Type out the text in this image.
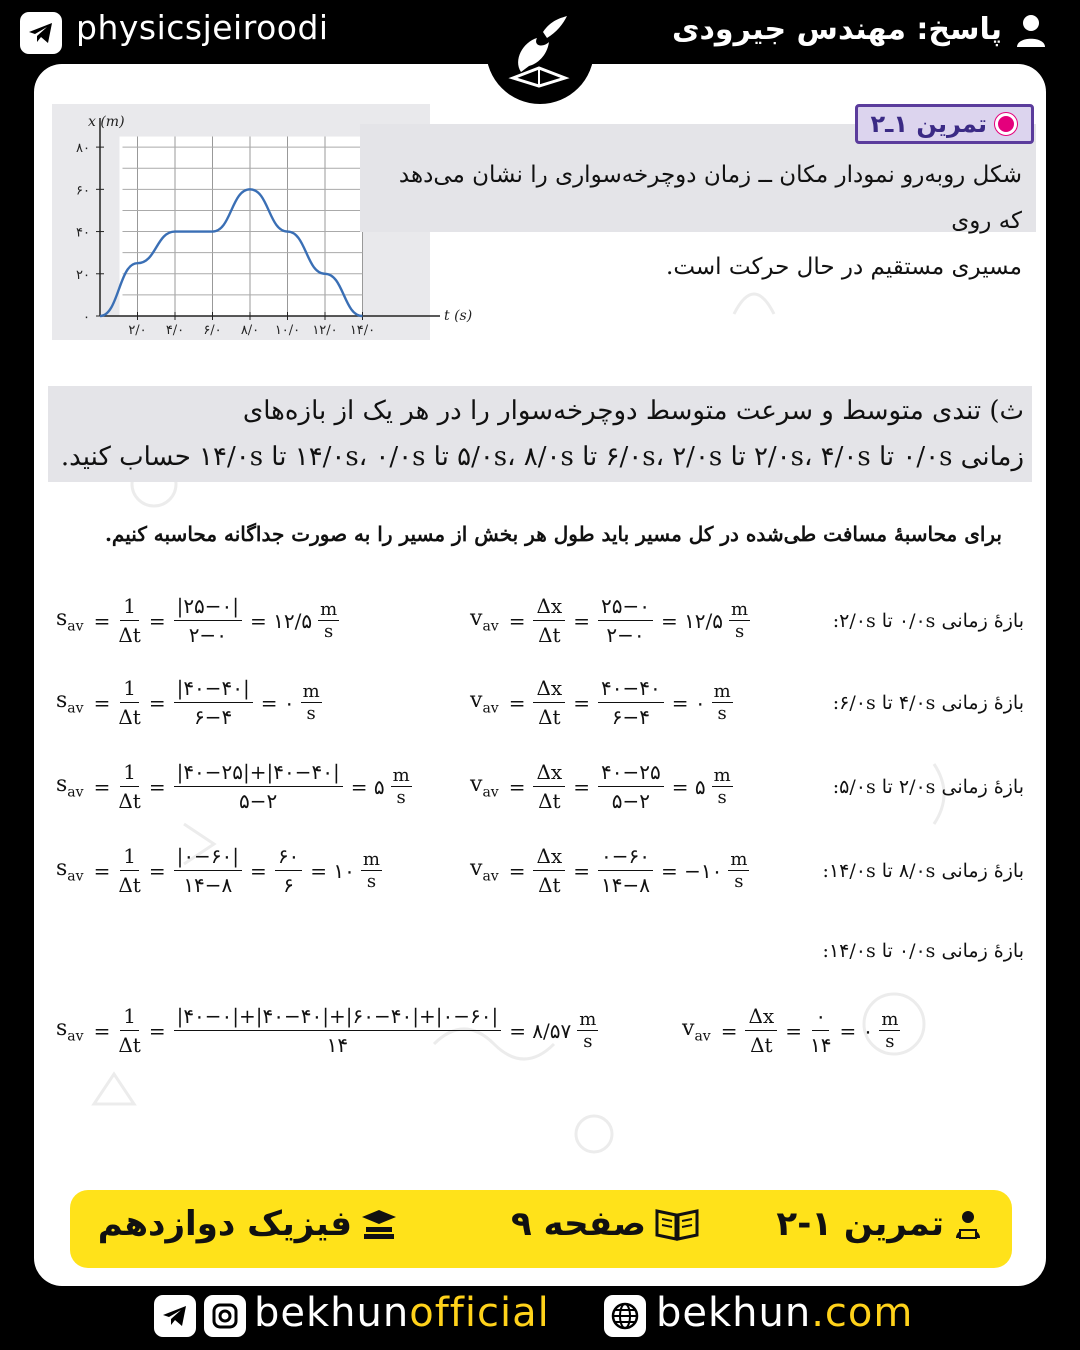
physicsjeiroodi	پاسخ: مهندس جیرودی
۰
۲۰
۴۰
۶۰
۸۰
۲/۰ ۴/۰ ۶/۰ ۸/۰ ۱۰/۰ ۱۲/۰ ۱۴/۰
x (m)
t (s)
شکل روبه‌رو نمودار مکان ــ زمان دوچرخه‌سواری را نشان می‌دهد که روی
مسیری مستقیم در حال حرکت است.
تمرین ۱ـ۲
ث) تندی متوسط و سرعت متوسط دوچرخه‌سوار را در هر یک از بازه‌های
زمانی ۰/۰s تا ۲/۰s، ۴/۰s تا ۶/۰s، ۲/۰s تا ۵/۰s، ۸/۰s تا ۱۴/۰s، ۰/۰s تا ۱۴/۰s حساب کنید.
برای محاسبهٔ مسافت طی‌شده در کل مسیر باید طول هر بخش از مسیر را به صورت جداگانه محاسبه کنیم.
بازهٔ زمانی ۰/۰s تا ۲/۰s:
$s_{av} = \frac{1}{\Delta t} = \frac{|۲۵-۰|}{۲-۰}$ = ۱۲/۵ m
s
$v_{av} = \frac{\Delta x}{\Delta t} = \frac{۲۵-۰}{۲-۰}$ = ۱۲/۵ m
s
بازهٔ زمانی ۴/۰s تا ۶/۰s:
$s_{av} = \frac{1}{\Delta t} = \frac{|۴۰-۴۰|}{۶-۴}$ = ۰ m
s
$v_{av} = \frac{\Delta x}{\Delta t} = \frac{۴۰-۴۰}{۶-۴}$ = ۰ m
s
بازهٔ زمانی ۲/۰s تا ۵/۰s:
$s_{av} = \frac{1}{\Delta t} = \frac{|۴۰-۲۵|+|۴۰-۴۰|}{۵-۲}$ = ۵ m
s
$v_{av} = \frac{\Delta x}{\Delta t} = \frac{۴۰-۲۵}{۵-۲}$ = ۵ m
s
بازهٔ زمانی ۸/۰s تا ۱۴/۰s:
$s_{av} = \frac{1}{\Delta t} = \frac{|۰-۶۰|}{۱۴-۸} = \frac{۶۰}{۶}$ = ۱۰ m
s
$v_{av} = \frac{\Delta x}{\Delta t} = \frac{۰-۶۰}{۱۴-۸}$ = −۱۰ m
s
بازهٔ زمانی ۰/۰s تا ۱۴/۰s:
$s_{av} = \frac{1}{\Delta t} = \frac{|۴۰-۰|+|۴۰-۴۰|+|۶۰-۴۰|+|۰-۶۰|}{۱۴}$ = ۸/۵۷ m
s
$v_{av} = \frac{\Delta x}{\Delta t} = \frac{۰}{۱۴}$ = ۰ m
s
تمرین ۱-۲
صفحه ۹
فیزیک دوازدهم
bekhunofficial	bekhun.com
